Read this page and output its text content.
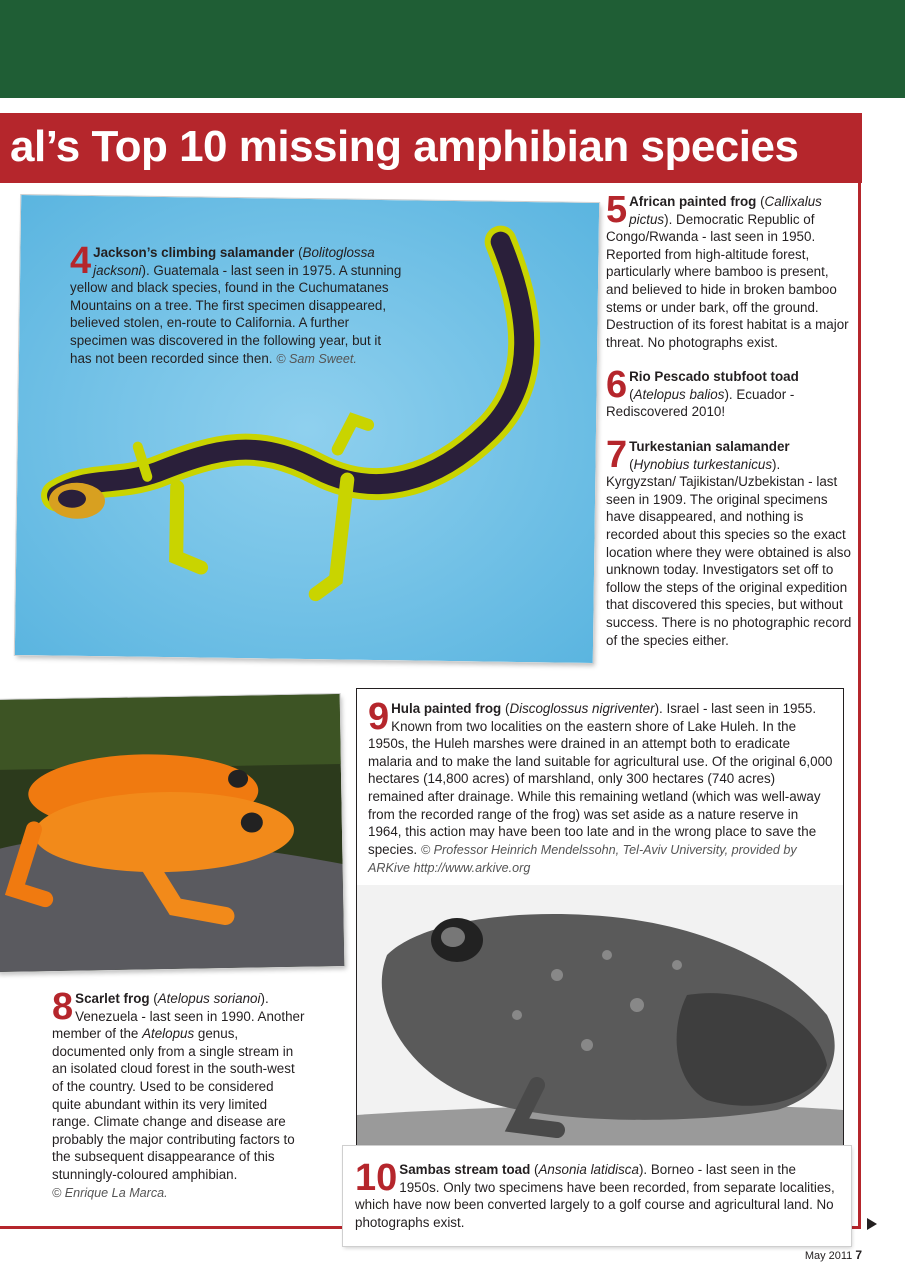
al’s Top 10 missing amphibian species
4 Jackson’s climbing salamander (Bolitoglossa jacksoni). Guatemala - last seen in 1975. A stunning yellow and black species, found in the Cuchumatanes Mountains on a tree. The first specimen disappeared, believed stolen, en-route to California. A further specimen was discovered in the following year, but it has not been recorded since then. © Sam Sweet.
5 African painted frog (Callixalus pictus). Democratic Republic of Congo/Rwanda - last seen in 1950. Reported from high-altitude forest, particularly where bamboo is present, and believed to hide in broken bamboo stems or under bark, off the ground. Destruction of its forest habitat is a major threat. No photographs exist.
6 Rio Pescado stubfoot toad (Atelopus balios). Ecuador - Rediscovered 2010!
7 Turkestanian salamander (Hynobius turkestanicus). Kyrgyzstan/ Tajikistan/Uzbekistan - last seen in 1909. The original specimens have disappeared, and nothing is recorded about this species so the exact location where they were obtained is also unknown today. Investigators set off to follow the steps of the original expedition that discovered this species, but without success. There is no photographic record of the species either.
8 Scarlet frog (Atelopus sorianoi). Venezuela - last seen in 1990. Another member of the Atelopus genus, documented only from a single stream in an isolated cloud forest in the south-west of the country. Used to be considered quite abundant within its very limited range. Climate change and disease are probably the major contributing factors to the subsequent disappearance of this stunningly-coloured amphibian.
© Enrique La Marca.
9 Hula painted frog (Discoglossus nigriventer). Israel - last seen in 1955. Known from two localities on the eastern shore of Lake Huleh. In the 1950s, the Huleh marshes were drained in an attempt both to eradicate malaria and to make the land suitable for agricultural use. Of the original 6,000 hectares (14,800 acres) of marshland, only 300 hectares (740 acres) remained after drainage. While this remaining wetland (which was well-away from the recorded range of the frog) was set aside as a nature reserve in 1964, this action may have been too late and in the wrong place to save the species. © Professor Heinrich Mendelssohn, Tel-Aviv University, provided by ARKive http://www.arkive.org
10 Sambas stream toad (Ansonia latidisca). Borneo - last seen in the 1950s. Only two specimens have been recorded, from separate localities, which have now been converted largely to a golf course and agricultural land. No photographs exist.
May 2011 7
